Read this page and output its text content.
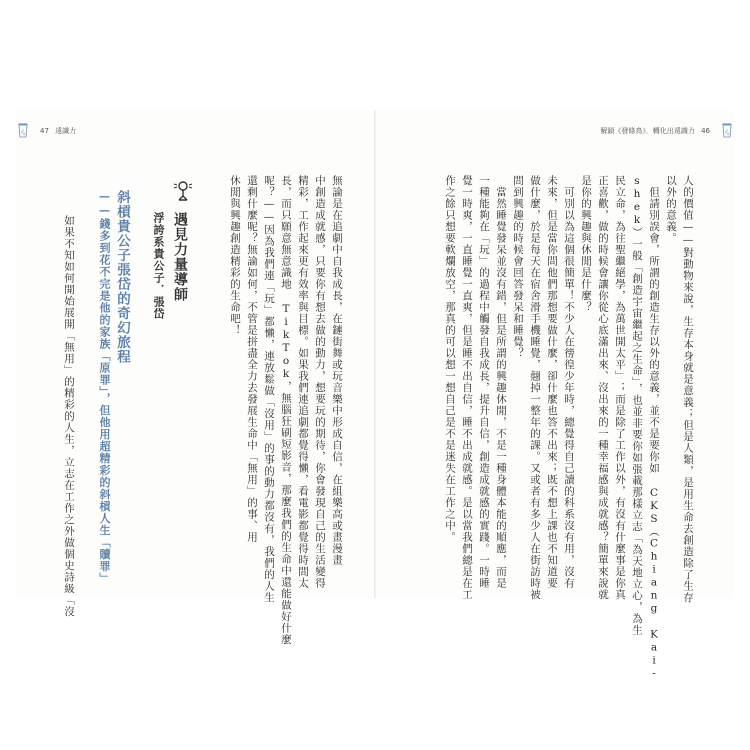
47 遠識力	解鎖《發條鳥》．轉化出遠識力 46
人的價值——對動物來說，生存本身就是意義；但是人類，是用生命去創造除了生存
以外的意義。
　但請別誤會，所謂的創造生存以外的意義，並不是要你如 CKS（Chiang Kai-
shek）一般「創造宇宙繼起之生命」，也並非要你如張載那樣立志「為天地立心，為生
民立命，為往聖繼絕學，為萬世開太平」；而是除了工作以外，有沒有什麼事是你真
正喜歡，做的時候會讓你從心底滿出來、沒出來的一種幸福感與成就感？簡單來說就
是你的興趣與休閒是什麼？
　可別以為這個很簡單！不少人在徬徨少年時，總覺得自己讀的科系沒有用，沒有
未來，但是當你問他們那想要做什麼，卻什麼也答不出來；既不想上課也不知道要
做什麼，於是每天在宿舍滑手機睡覺，翹掉一整年的課。又或者有多少人在街訪時被
問到興趣的時候會回答發呆和睡覺？
　當然睡覺發呆並沒有錯，但是所謂的興趣休閒，不是一種身體本能的順應，而是
一種能夠在「玩」的過程中觸發自我成長，提升自信，創造成就感的實踐。一時睡
覺一時爽，一直睡覺一直爽，但是睡不出自信，睡不出成就感。是以當我們總是在工
作之餘只想要軟爛放空，那真的可以想一想自己是不是迷失在工作之中。
無論是在追劇中自我成長，在鏈街舞或玩音樂中形成自信，在組樂高或畫漫畫
中創造成就感，只要你有想去做的動力，想要玩的期待，你會發現自己的生活變得
精彩，工作起來更有效率與目標。如果我們連追劇都覺得懶，看電影都覺得時間太
長，而只願意無意識地 TikTok，無腦狂刷短影音，那麼我們的生命中還能做好什麼
呢？——因為我們連「玩」都懶，連放鬆做「沒用」的事的動力都沒有，我們的人生
還剩什麼呢？無論如何，不管是拼盡全力去發展生命中「無用」的事、用
休閒與興趣創造精彩的生命吧！
遇見力量導師
浮誇系貴公子．張岱
斜槓貴公子張岱的奇幻旅程
——錢多到花不完是他的家族「原罪」，但他用超精彩的斜槓人生「贖罪」
如果不知如何開始展開「無用」的精彩的人生，立志在工作之外做個史詩級「沒
